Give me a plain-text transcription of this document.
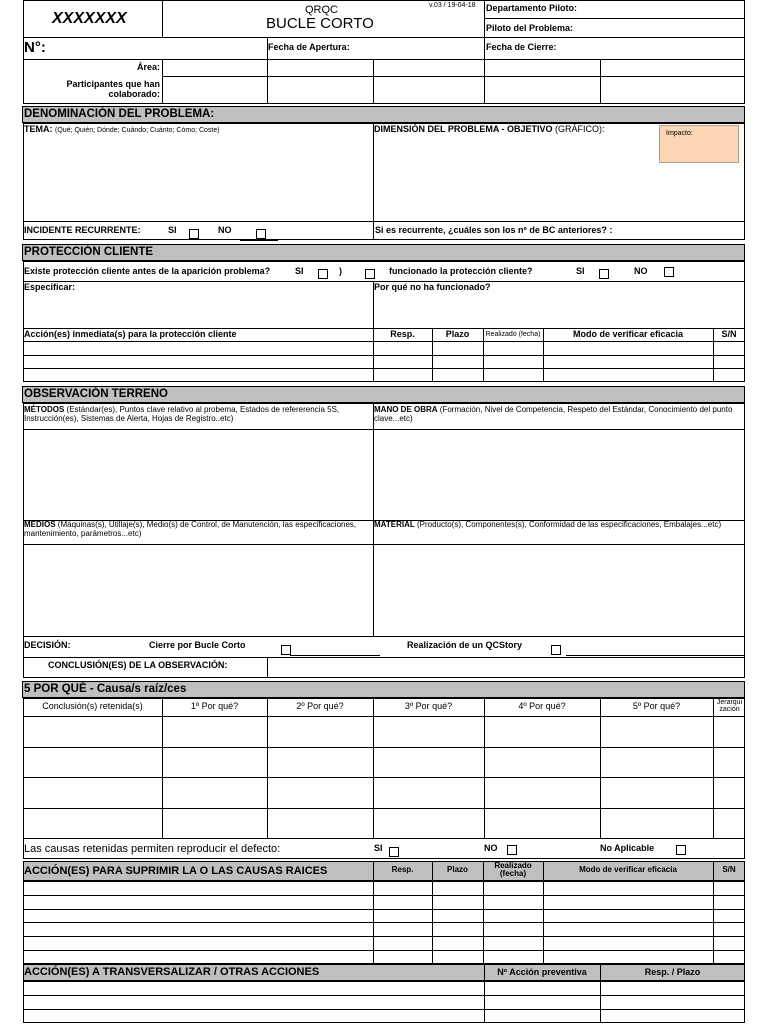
XXXXXXX	QRQC
BUCLE CORTO
v.03 / 19-04-18 Departamento Piloto:
Piloto del Problema:
N°:	Fecha de Apertura:	Fecha de Cierre:
Área:
Participantes que han colaborado:
DENOMINACIÓN DEL PROBLEMA:
TEMA: (Qué; Quién; Dónde; Cuándo; Cuánto; Cómo; Coste)	DIMENSIÓN DEL PROBLEMA - OBJETIVO (GRÁFICO):	Impacto:
INCIDENTE RECURRENTE:	SI	NO	Si es recurrente, ¿cuáles son los nº de BC anteriores? :
PROTECCIÓN CLIENTE
Existe protección cliente antes de la aparición problema?	SI	)	funcionado la protección cliente?	SI	NO
Especificar:	Por qué no ha funcionado?
Acción(es) inmediata(s) para la protección cliente	Resp.	Plazo	Realizado (fecha)	Modo de verificar eficacia	S/N
OBSERVACIÓN TERRENO
MÉTODOS (Estándar(es), Puntos clave relativo al probema, Estados de refererencia 5S, Instrucción(es), Sistemas de Alerta, Hojas de Registro..etc)
MANO DE OBRA (Formación, Nivel de Competencia, Respeto del Estándar, Conocimiento del punto clave...etc)
MEDIOS (Máquinas(s), Utillaje(s), Medio(s) de Control, de Manutención, las especificaciones, mantenimiento, parámetros...etc)
MATERIAL (Producto(s), Componentes(s), Conformidad de las especificaciones, Embalajes...etc)
DECISIÓN:	Cierre por Bucle Corto	Realización de un QCStory
CONCLUSIÓN(ES) DE LA OBSERVACIÓN:
5 POR QUÉ - Causa/s raíz/ces
Conclusión(s) retenida(s)	1º Por qué?	2º Por qué?	3º Por qué?	4º Por qué?	5º Por qué?	Jerarqui zación
Las causas retenidas permiten reproducir el defecto:	SI	NO	No Aplicable
ACCIÓN(ES) PARA SUPRIMIR LA O LAS CAUSAS RAICES	Resp.	Plazo	Realizado (fecha)	Modo de verificar eficacia	S/N
ACCIÓN(ES) A TRANSVERSALIZAR / OTRAS ACCIONES	Nº Acción preventiva	Resp. / Plazo
